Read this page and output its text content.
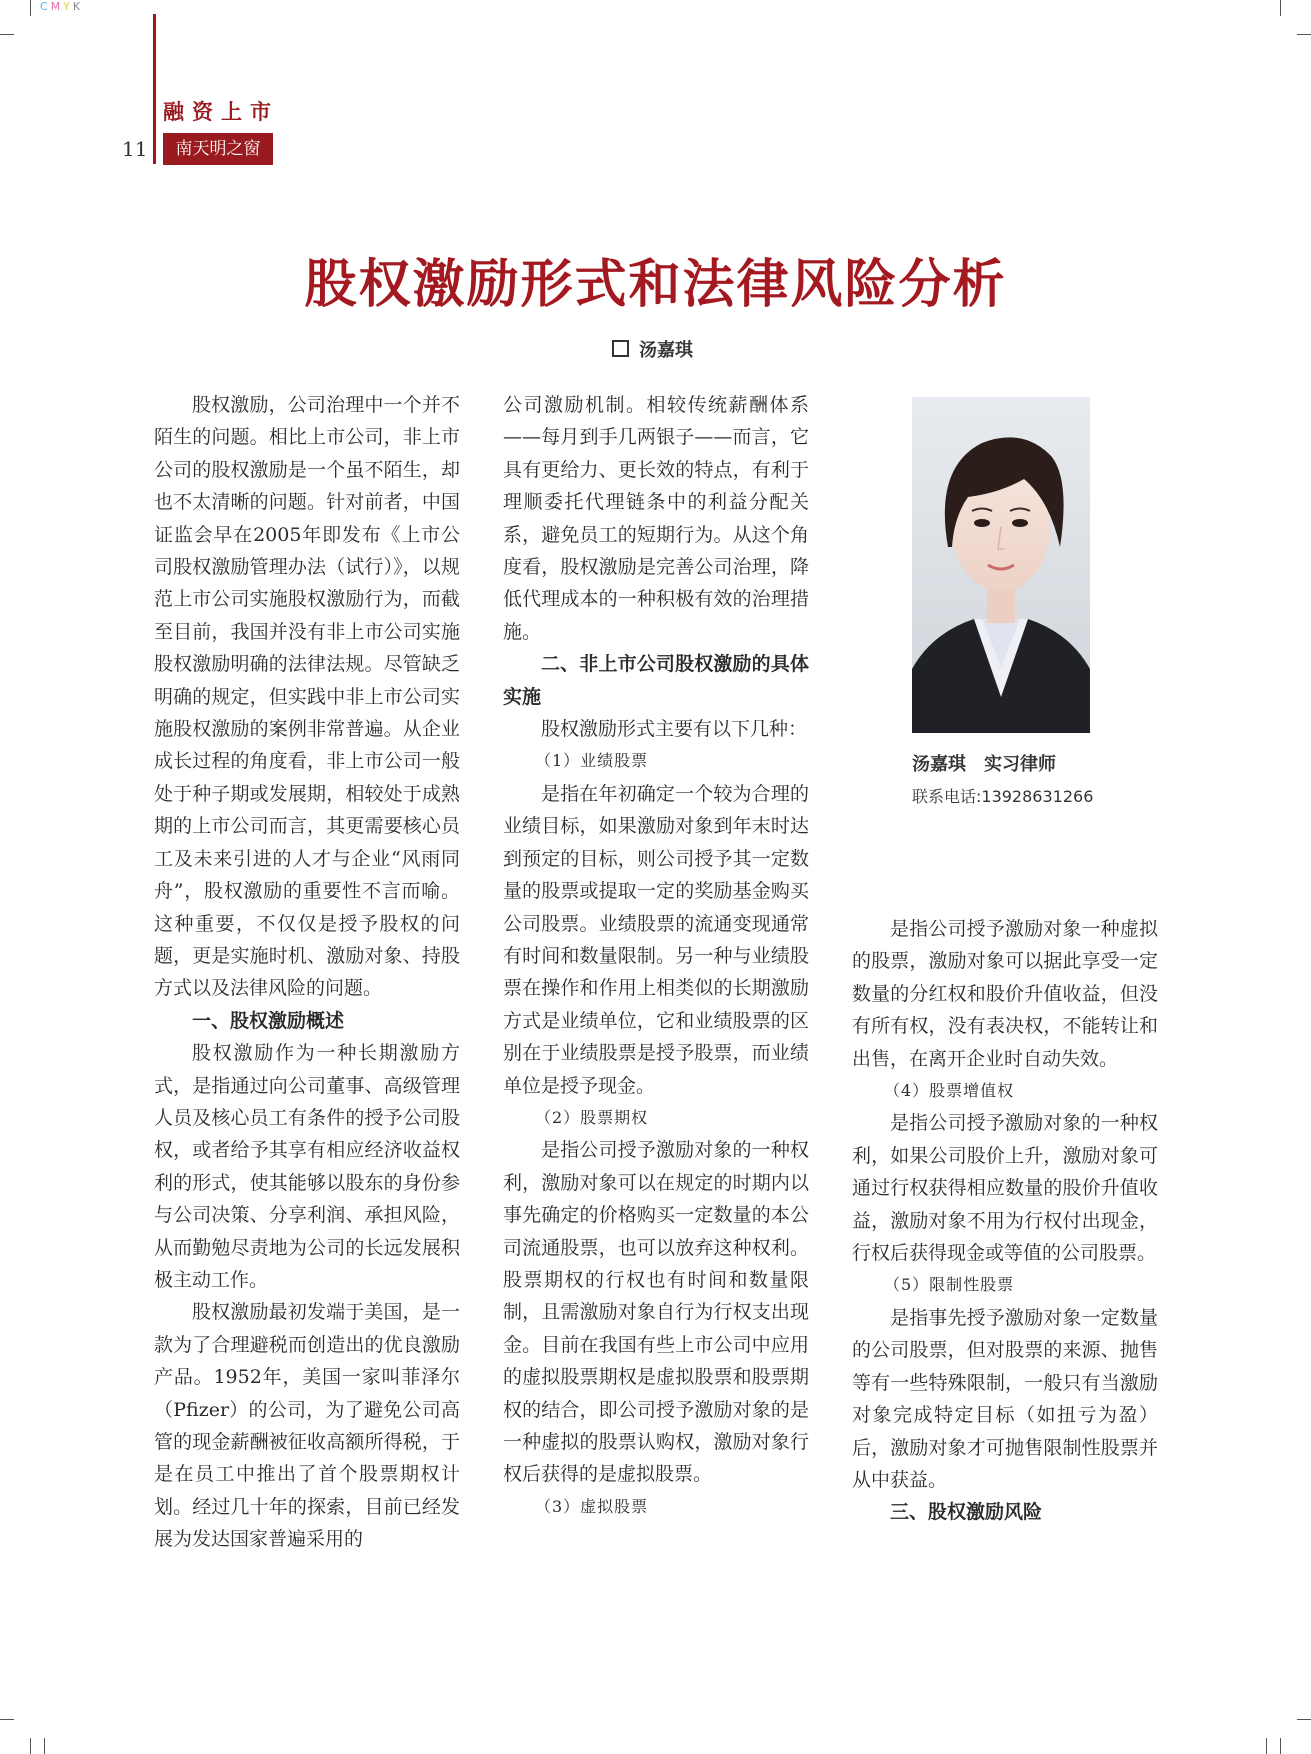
CMYK
融资上市
11	南天明之窗
股权激励形式和法律风险分析
汤嘉琪

股权激励，公司治理中一个并不陌生的问题。相比上市公司，非上市公司的股权激励是一个虽不陌生，却也不太清晰的问题。针对前者，中国证监会早在2005年即发布《上市公司股权激励管理办法（试行）》，以规范上市公司实施股权激励行为，而截至目前，我国并没有非上市公司实施股权激励明确的法律法规。尽管缺乏明确的规定，但实践中非上市公司实施股权激励的案例非常普遍。从企业成长过程的角度看，非上市公司一般处于种子期或发展期，相较处于成熟期的上市公司而言，其更需要核心员工及未来引进的人才与企业“风雨同舟”，股权激励的重要性不言而喻。这种重要，不仅仅是授予股权的问题，更是实施时机、激励对象、持股方式以及法律风险的问题。

一、股权激励概述

股权激励作为一种长期激励方式，是指通过向公司董事、高级管理人员及核心员工有条件的授予公司股权，或者给予其享有相应经济收益权利的形式，使其能够以股东的身份参与公司决策、分享利润、承担风险，从而勤勉尽责地为公司的长远发展积极主动工作。

股权激励最初发端于美国，是一款为了合理避税而创造出的优良激励产品。1952年，美国一家叫菲泽尔（Pfizer）的公司，为了避免公司高管的现金薪酬被征收高额所得税，于是在员工中推出了首个股票期权计划。经过几十年的探索，目前已经发展为发达国家普遍采用的

公司激励机制。相较传统薪酬体系——每月到手几两银子——而言，它具有更给力、更长效的特点，有利于理顺委托代理链条中的利益分配关系，避免员工的短期行为。从这个角度看，股权激励是完善公司治理，降低代理成本的一种积极有效的治理措施。

二、非上市公司股权激励的具体实施

股权激励形式主要有以下几种：

（1）业绩股票

是指在年初确定一个较为合理的业绩目标，如果激励对象到年末时达到预定的目标，则公司授予其一定数量的股票或提取一定的奖励基金购买公司股票。业绩股票的流通变现通常有时间和数量限制。另一种与业绩股票在操作和作用上相类似的长期激励方式是业绩单位，它和业绩股票的区别在于业绩股票是授予股票，而业绩单位是授予现金。

（2）股票期权

是指公司授予激励对象的一种权利，激励对象可以在规定的时期内以事先确定的价格购买一定数量的本公司流通股票，也可以放弃这种权利。股票期权的行权也有时间和数量限制，且需激励对象自行为行权支出现金。目前在我国有些上市公司中应用的虚拟股票期权是虚拟股票和股票期权的结合，即公司授予激励对象的是一种虚拟的股票认购权，激励对象行权后获得的是虚拟股票。

（3）虚拟股票

是指公司授予激励对象一种虚拟的股票，激励对象可以据此享受一定数量的分红权和股价升值收益，但没有所有权，没有表决权，不能转让和出售，在离开企业时自动失效。

（4）股票增值权

是指公司授予激励对象的一种权利，如果公司股价上升，激励对象可通过行权获得相应数量的股价升值收益，激励对象不用为行权付出现金，行权后获得现金或等值的公司股票。

（5）限制性股票

是指事先授予激励对象一定数量的公司股票，但对股票的来源、抛售等有一些特殊限制，一般只有当激励对象完成特定目标（如扭亏为盈）后，激励对象才可抛售限制性股票并从中获益。

三、股权激励风险

汤嘉琪　实习律师
联系电话:13928631266
